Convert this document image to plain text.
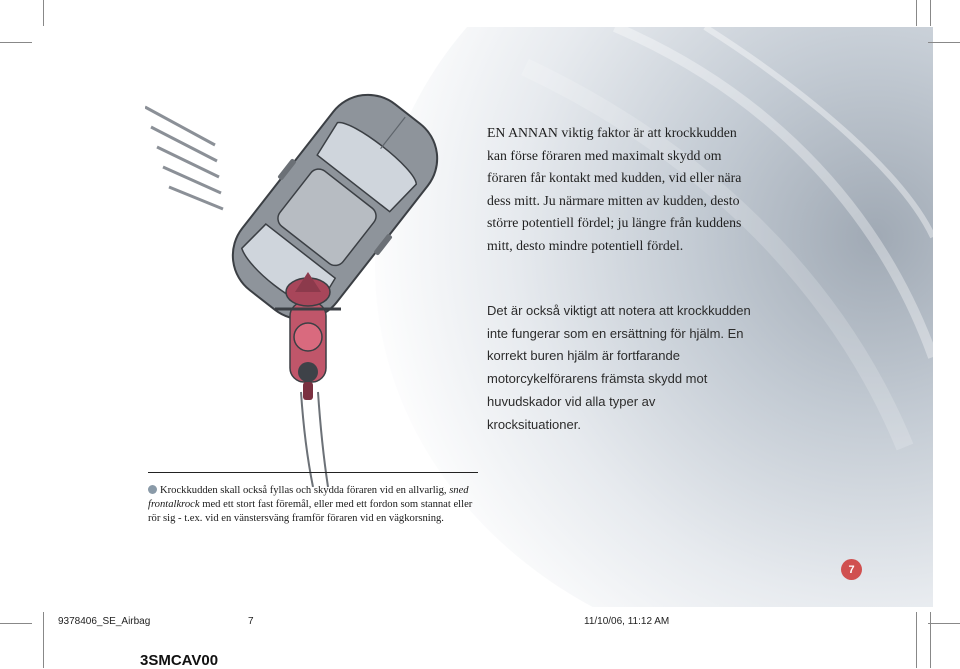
EN ANNAN viktig faktor är att krockkudden kan förse föraren med maximalt skydd om föraren får kontakt med kudden, vid eller nära dess mitt. Ju närmare mitten av kudden, desto större potentiell fördel; ju längre från kuddens mitt, desto mindre potentiell fördel.

Det är också viktigt att notera att krockkudden inte fungerar som en ersättning för hjälm. En korrekt buren hjälm är fortfarande motorcykelförarens främsta skydd mot huvudskador vid alla typer av krocksituationer.

Krockkudden skall också fyllas och skydda föraren vid en allvarlig, sned frontalkrock med ett stort fast föremål, eller med ett fordon som stannat eller rör sig - t.ex. vid en vänstersväng framför föraren vid en vägkorsning.

7
9378406_SE_Airbag	7	11/10/06, 11:12 AM
3SMCAV00
